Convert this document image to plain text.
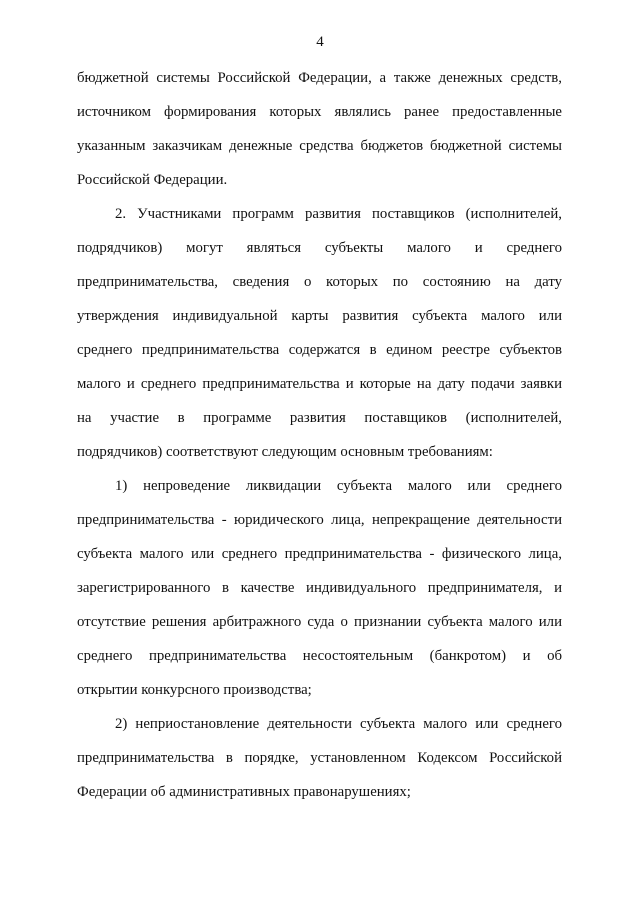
4
бюджетной системы Российской Федерации, а также денежных средств,
источником формирования которых являлись ранее предоставленные
указанным заказчикам денежные средства бюджетов бюджетной системы
Российской Федерации.
2. Участниками программ развития поставщиков (исполнителей,
подрядчиков) могут являться субъекты малого и среднего
предпринимательства, сведения о которых по состоянию на дату
утверждения индивидуальной карты развития субъекта малого или
среднего предпринимательства содержатся в едином реестре субъектов
малого и среднего предпринимательства и которые на дату подачи заявки
на участие в программе развития поставщиков (исполнителей,
подрядчиков) соответствуют следующим основным требованиям:
1) непроведение ликвидации субъекта малого или среднего
предпринимательства - юридического лица, непрекращение деятельности
субъекта малого или среднего предпринимательства - физического лица,
зарегистрированного в качестве индивидуального предпринимателя, и
отсутствие решения арбитражного суда о признании субъекта малого или
среднего предпринимательства несостоятельным (банкротом) и об
открытии конкурсного производства;
2) неприостановление деятельности субъекта малого или среднего
предпринимательства в порядке, установленном Кодексом Российской
Федерации об административных правонарушениях;
